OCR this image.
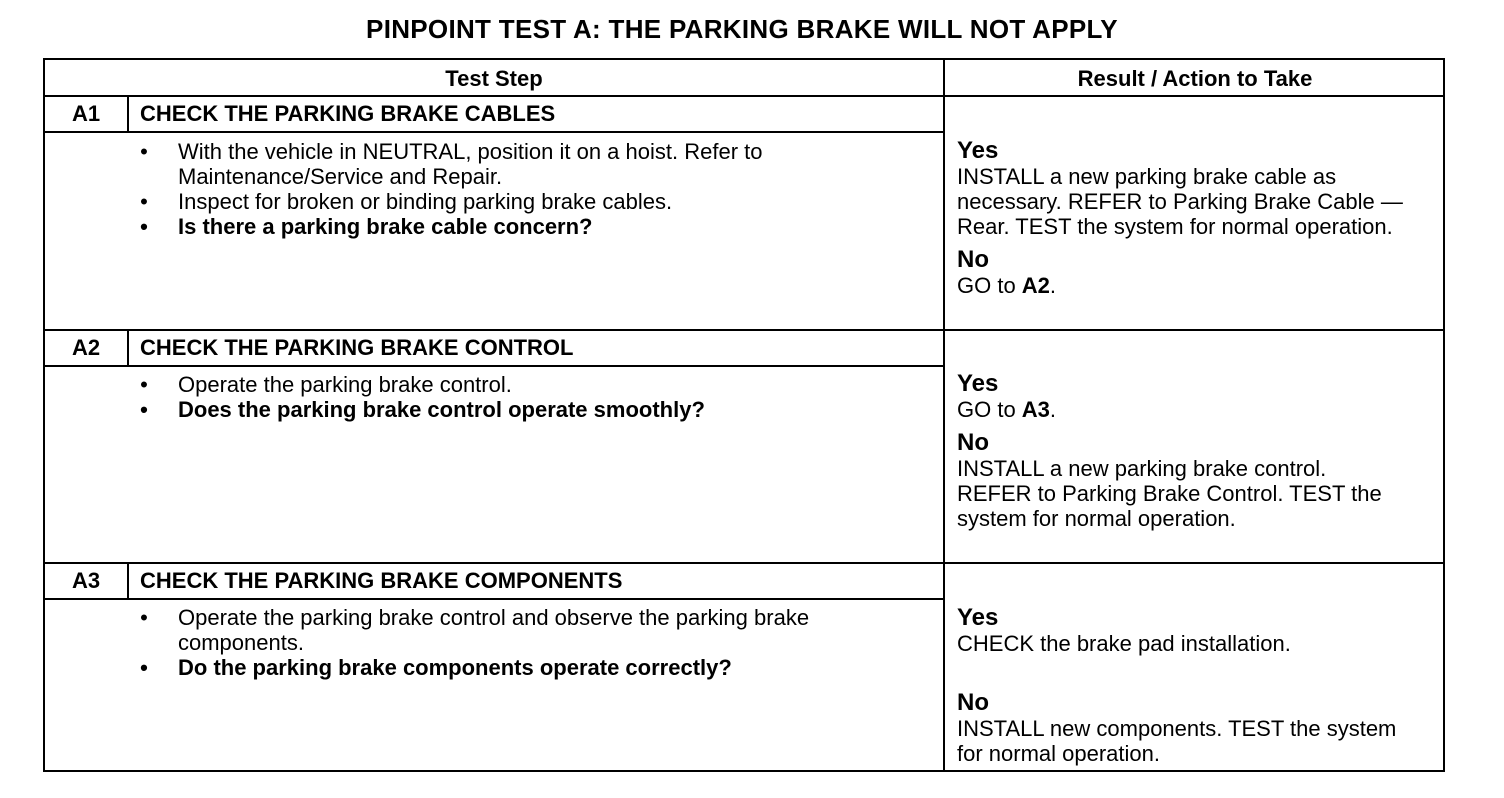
PINPOINT TEST A: THE PARKING BRAKE WILL NOT APPLY
Test Step	Result / Action to Take
A1	CHECK THE PARKING BRAKE CABLES
• With the vehicle in NEUTRAL, position it on a hoist. Refer to Maintenance/Service and Repair.
• Inspect for broken or binding parking brake cables.
• Is there a parking brake cable concern?
Yes
INSTALL a new parking brake cable as necessary. REFER to Parking Brake Cable — Rear. TEST the system for normal operation.
No
GO to A2.
A2	CHECK THE PARKING BRAKE CONTROL
• Operate the parking brake control.
• Does the parking brake control operate smoothly?
Yes
GO to A3.
No
INSTALL a new parking brake control. REFER to Parking Brake Control. TEST the system for normal operation.
A3	CHECK THE PARKING BRAKE COMPONENTS
• Operate the parking brake control and observe the parking brake components.
• Do the parking brake components operate correctly?
Yes
CHECK the brake pad installation.
No
INSTALL new components. TEST the system for normal operation.
